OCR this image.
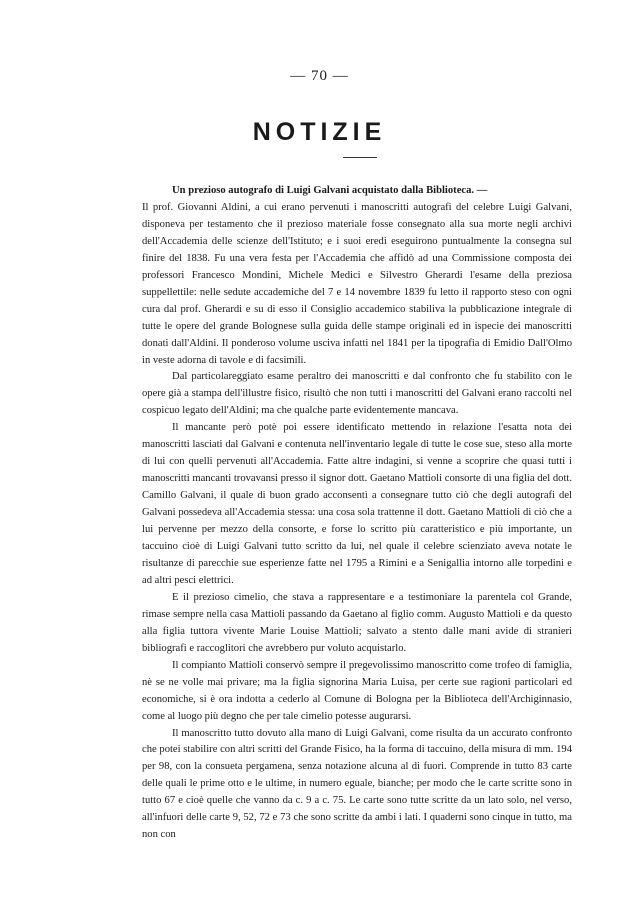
— 70 —
NOTIZIE

Un prezioso autografo di Luigi Galvani acquistato dalla Biblioteca. —
Il prof. Giovanni Aldini, a cui erano pervenuti i manoscritti autografi del celebre Luigi Galvani, disponeva per testamento che il prezioso materiale fosse consegnato alla sua morte negli archivi dell'Accademia delle scienze dell'Istituto; e i suoi eredi eseguirono puntualmente la consegna sul finire del 1838. Fu una vera festa per l'Accademia che affidò ad una Commissione composta dei professori Francesco Mondini, Michele Medici e Silvestro Gherardi l'esame della preziosa suppellettile: nelle sedute accademiche del 7 e 14 novembre 1839 fu letto il rapporto steso con ogni cura dal prof. Gherardi e su di esso il Consiglio accademico stabiliva la pubblicazione integrale di tutte le opere del grande Bolognese sulla guida delle stampe originali ed in ispecie dei manoscritti donati dall'Aldini. Il ponderoso volume usciva infatti nel 1841 per la tipografia di Emidio Dall'Olmo in veste adorna di tavole e di facsimili.

Dal particolareggiato esame peraltro dei manoscritti e dal confronto che fu stabilito con le opere già a stampa dell'illustre fisico, risultò che non tutti i manoscritti del Galvani erano raccolti nel cospicuo legato dell'Aldini; ma che qualche parte evidentemente mancava.

Il mancante però potè poi essere identificato mettendo in relazione l'esatta nota dei manoscritti lasciati dal Galvani e contenuta nell'inventario legale di tutte le cose sue, steso alla morte di lui con quelli pervenuti all'Accademia. Fatte altre indagini, si venne a scoprire che quasi tutti i manoscritti mancanti trovavansi presso il signor dott. Gaetano Mattioli consorte di una figlia del dott. Camillo Galvani, il quale di buon grado acconsentì a consegnare tutto ciò che degli autografi del Galvani possedeva all'Accademia stessa: una cosa sola trattenne il dott. Gaetano Mattioli di ciò che a lui pervenne per mezzo della consorte, e forse lo scritto più caratteristico e più importante, un taccuino cioè di Luigi Galvani tutto scritto da lui, nel quale il celebre scienziato aveva notate le risultanze di parecchie sue esperienze fatte nel 1795 a Rimini e a Senigallia intorno alle torpedini e ad altri pesci elettrici.

E il prezioso cimelio, che stava a rappresentare e a testimoniare la parentela col Grande, rimase sempre nella casa Mattioli passando da Gaetano al figlio comm. Augusto Mattioli e da questo alla figlia tuttora vivente Marie Louise Mattioli; salvato a stento dalle mani avide di stranieri bibliografi e raccoglitori che avrebbero pur voluto acquistarlo.

Il compianto Mattioli conservò sempre il pregevolissimo manoscritto come trofeo di famiglia, nè se ne volle mai privare; ma la figlia signorina Maria Luisa, per certe sue ragioni particolari ed economiche, si è ora indotta a cederlo al Comune di Bologna per la Biblioteca dell'Archiginnasio, come al luogo più degno che per tale cimelio potesse augurarsi.

Il manoscritto tutto dovuto alla mano di Luigi Galvani, come risulta da un accurato confronto che potei stabilire con altri scritti del Grande Fisico, ha la forma di taccuino, della misura di mm. 194 per 98, con la consueta pergamena, senza notazione alcuna al di fuori. Comprende in tutto 83 carte delle quali le prime otto e le ultime, in numero eguale, bianche; per modo che le carte scritte sono in tutto 67 e cioè quelle che vanno da c. 9 a c. 75. Le carte sono tutte scritte da un lato solo, nel verso, all'infuori delle carte 9, 52, 72 e 73 che sono scritte da ambi i lati. I quaderni sono cinque in tutto, ma non con
